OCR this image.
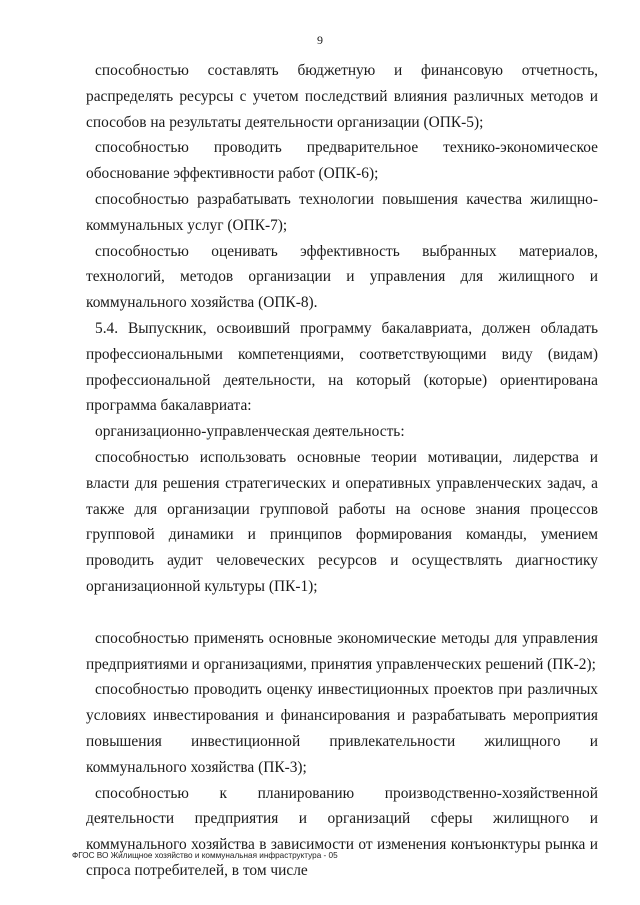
9

способностью составлять бюджетную и финансовую отчетность, распределять ресурсы с учетом последствий влияния различных методов и способов на результаты деятельности организации (ОПК-5);

способностью проводить предварительное технико-экономическое обоснование эффективности работ (ОПК-6);

способностью разрабатывать технологии повышения качества жилищно-коммунальных услуг (ОПК-7);

способностью оценивать эффективность выбранных материалов, технологий, методов организации и управления для жилищного и коммунального хозяйства (ОПК-8).

5.4. Выпускник, освоивший программу бакалавриата, должен обладать профессиональными компетенциями, соответствующими виду (видам) профессиональной деятельности, на который (которые) ориентирована программа бакалавриата:

организационно-управленческая деятельность:

способностью использовать основные теории мотивации, лидерства и власти для решения стратегических и оперативных управленческих задач, а также для организации групповой работы на основе знания процессов групповой динамики и принципов формирования команды, умением проводить аудит человеческих ресурсов и осуществлять диагностику организационной культуры (ПК-1);

способностью применять основные экономические методы для управления предприятиями и организациями, принятия управленческих решений (ПК-2);

способностью проводить оценку инвестиционных проектов при различных условиях инвестирования и финансирования и разрабатывать мероприятия повышения инвестиционной привлекательности жилищного и коммунального хозяйства (ПК-3);

способностью к планированию производственно-хозяйственной деятельности предприятия и организаций сферы жилищного и коммунального хозяйства в зависимости от изменения конъюнктуры рынка и спроса потребителей, в том числе

ФГОС ВО Жилищное хозяйство и коммунальная инфраструктура - 05
